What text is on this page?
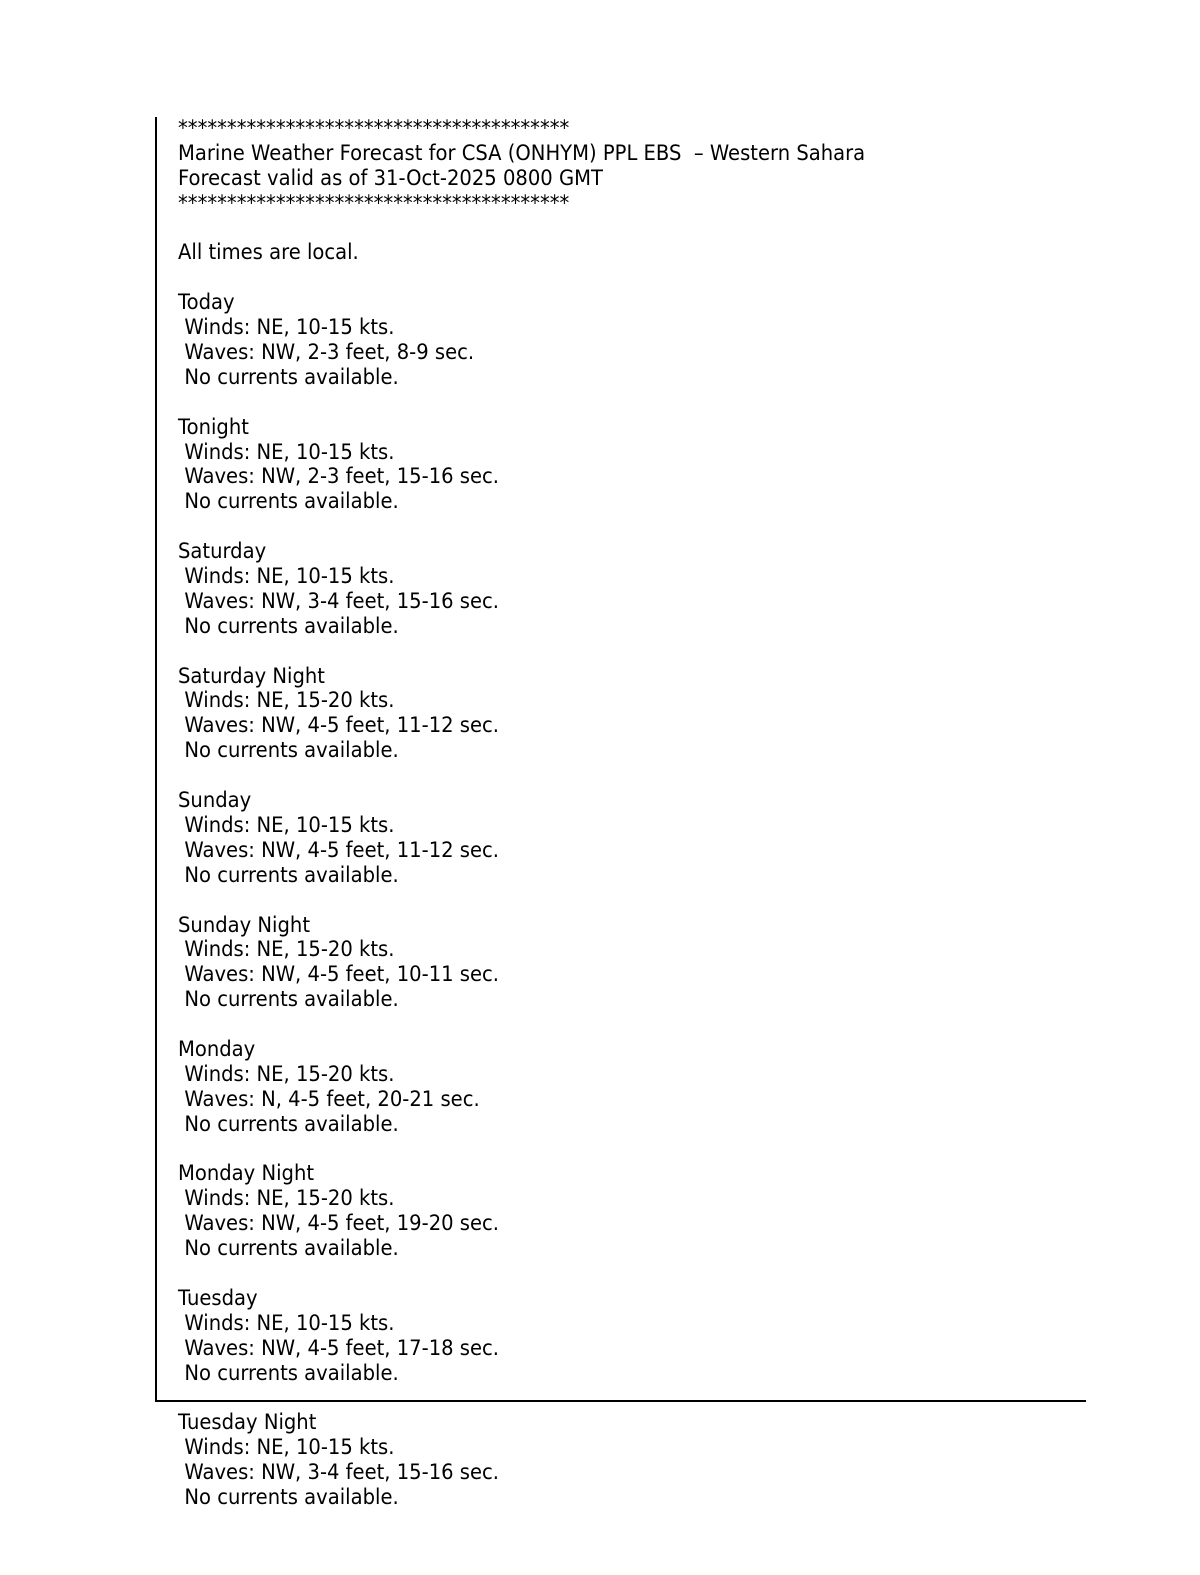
****************************************
Marine Weather Forecast for CSA (ONHYM) PPL EBS  – Western Sahara
Forecast valid as of 31-Oct-2025 0800 GMT
****************************************
All times are local.
Today
Winds: NE, 10-15 kts.
Waves: NW, 2-3 feet, 8-9 sec.
No currents available.
Tonight
Winds: NE, 10-15 kts.
Waves: NW, 2-3 feet, 15-16 sec.
No currents available.
Saturday
Winds: NE, 10-15 kts.
Waves: NW, 3-4 feet, 15-16 sec.
No currents available.
Saturday Night
Winds: NE, 15-20 kts.
Waves: NW, 4-5 feet, 11-12 sec.
No currents available.
Sunday
Winds: NE, 10-15 kts.
Waves: NW, 4-5 feet, 11-12 sec.
No currents available.
Sunday Night
Winds: NE, 15-20 kts.
Waves: NW, 4-5 feet, 10-11 sec.
No currents available.
Monday
Winds: NE, 15-20 kts.
Waves: N, 4-5 feet, 20-21 sec.
No currents available.
Monday Night
Winds: NE, 15-20 kts.
Waves: NW, 4-5 feet, 19-20 sec.
No currents available.
Tuesday
Winds: NE, 10-15 kts.
Waves: NW, 4-5 feet, 17-18 sec.
No currents available.
Tuesday Night
Winds: NE, 10-15 kts.
Waves: NW, 3-4 feet, 15-16 sec.
No currents available.
